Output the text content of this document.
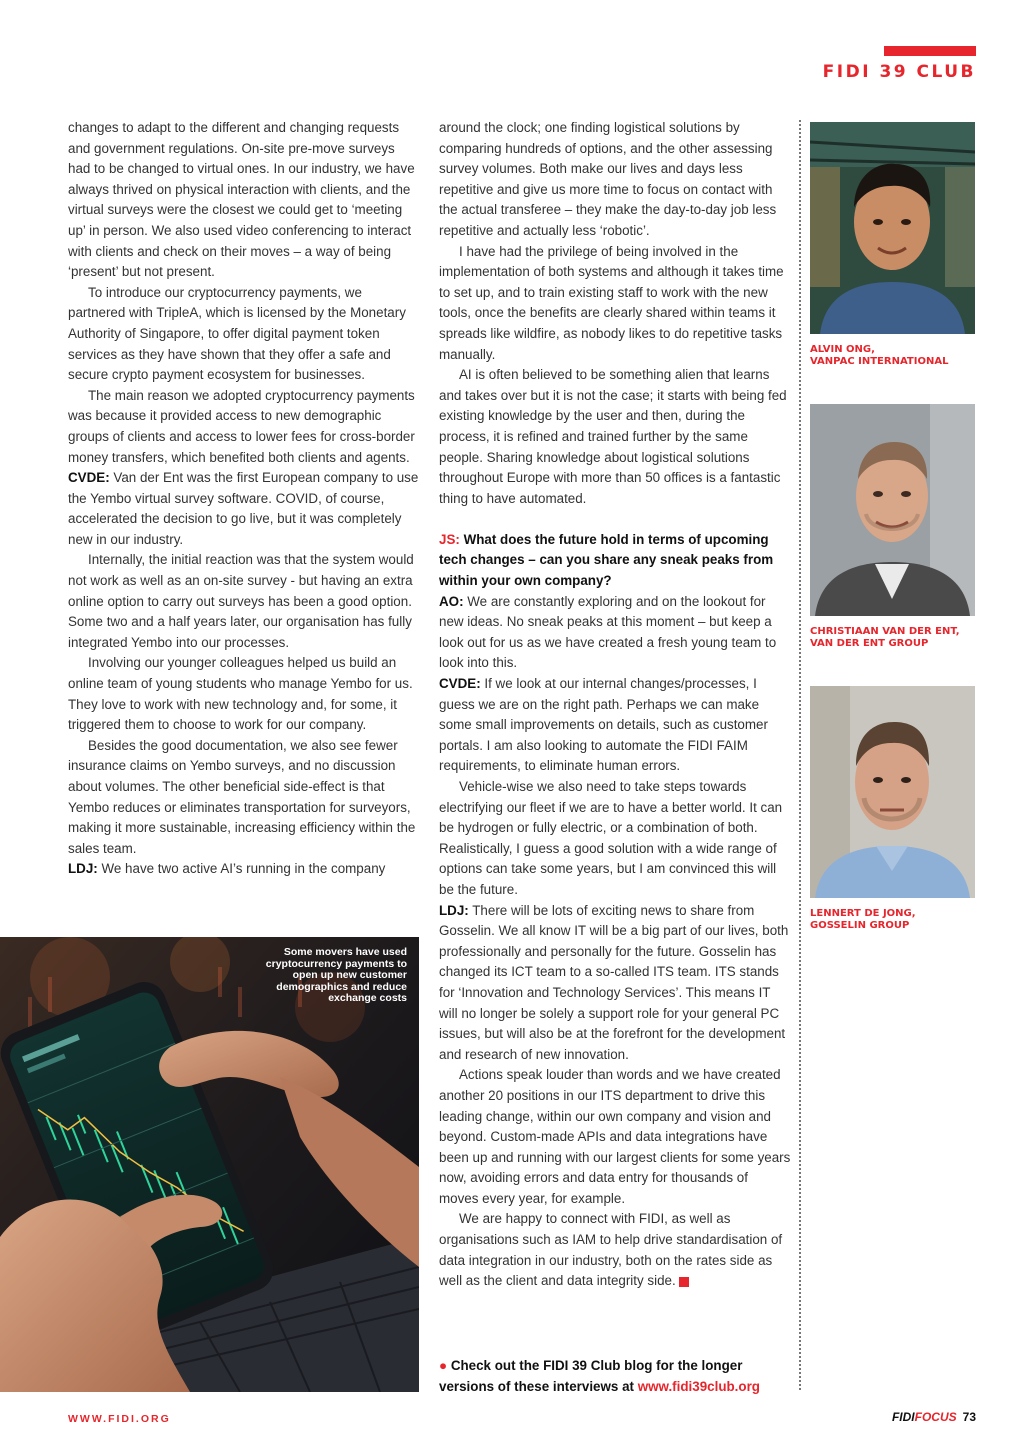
FIDI 39 CLUB

changes to adapt to the different and changing requests and government regulations. On-site pre-move surveys had to be changed to virtual ones. In our industry, we have always thrived on physical interaction with clients, and the virtual surveys were the closest we could get to ‘meeting up’ in person. We also used video conferencing to interact with clients and check on their moves – a way of being ‘present’ but not present.

To introduce our cryptocurrency payments, we partnered with TripleA, which is licensed by the Monetary Authority of Singapore, to offer digital payment token services as they have shown that they offer a safe and secure crypto payment ecosystem for businesses.

The main reason we adopted cryptocurrency payments was because it provided access to new demographic groups of clients and access to lower fees for cross-border money transfers, which benefited both clients and agents.

CVDE: Van der Ent was the first European company to use the Yembo virtual survey software. COVID, of course, accelerated the decision to go live, but it was completely new in our industry.

Internally, the initial reaction was that the system would not work as well as an on-site survey - but having an extra online option to carry out surveys has been a good option. Some two and a half years later, our organisation has fully integrated Yembo into our processes.

Involving our younger colleagues helped us build an online team of young students who manage Yembo for us. They love to work with new technology and, for some, it triggered them to choose to work for our company.

Besides the good documentation, we also see fewer insurance claims on Yembo surveys, and no discussion about volumes. The other beneficial side-effect is that Yembo reduces or eliminates transportation for surveyors, making it more sustainable, increasing efficiency within the sales team.

LDJ: We have two active AI’s running in the company

Some movers have used cryptocurrency payments to open up new customer demographics and reduce exchange costs

around the clock; one finding logistical solutions by comparing hundreds of options, and the other assessing survey volumes. Both make our lives and days less repetitive and give us more time to focus on contact with the actual transferee – they make the day-to-day job less repetitive and actually less ‘robotic’.

I have had the privilege of being involved in the implementation of both systems and although it takes time to set up, and to train existing staff to work with the new tools, once the benefits are clearly shared within teams it spreads like wildfire, as nobody likes to do repetitive tasks manually.

AI is often believed to be something alien that learns and takes over but it is not the case; it starts with being fed existing knowledge by the user and then, during the process, it is refined and trained further by the same people. Sharing knowledge about logistical solutions throughout Europe with more than 50 offices is a fantastic thing to have automated.

JS: What does the future hold in terms of upcoming tech changes – can you share any sneak peaks from within your own company?

AO: We are constantly exploring and on the lookout for new ideas. No sneak peaks at this moment – but keep a look out for us as we have created a fresh young team to look into this.

CVDE: If we look at our internal changes/processes, I guess we are on the right path. Perhaps we can make some small improvements on details, such as customer portals. I am also looking to automate the FIDI FAIM requirements, to eliminate human errors.

Vehicle-wise we also need to take steps towards electrifying our fleet if we are to have a better world. It can be hydrogen or fully electric, or a combination of both. Realistically, I guess a good solution with a wide range of options can take some years, but I am convinced this will be the future.

LDJ: There will be lots of exciting news to share from Gosselin. We all know IT will be a big part of our lives, both professionally and personally for the future. Gosselin has changed its ICT team to a so-called ITS team. ITS stands for ‘Innovation and Technology Services’. This means IT will no longer be solely a support role for your general PC issues, but will also be at the forefront for the development and research of new innovation.

Actions speak louder than words and we have created another 20 positions in our ITS department to drive this leading change, within our own company and vision and beyond. Custom-made APIs and data integrations have been up and running with our largest clients for some years now, avoiding errors and data entry for thousands of moves every year, for example.

We are happy to connect with FIDI, as well as organisations such as IAM to help drive standardisation of data integration in our industry, both on the rates side as well as the client and data integrity side.	FF

● Check out the FIDI 39 Club blog for the longer versions of these interviews at www.fidi39club.org
ALVIN ONG,
VANPAC INTERNATIONAL
CHRISTIAAN VAN DER ENT,
VAN DER ENT GROUP
LENNERT DE JONG,
GOSSELIN GROUP
WWW.FIDI.ORG	FIDIFOCUS 73
